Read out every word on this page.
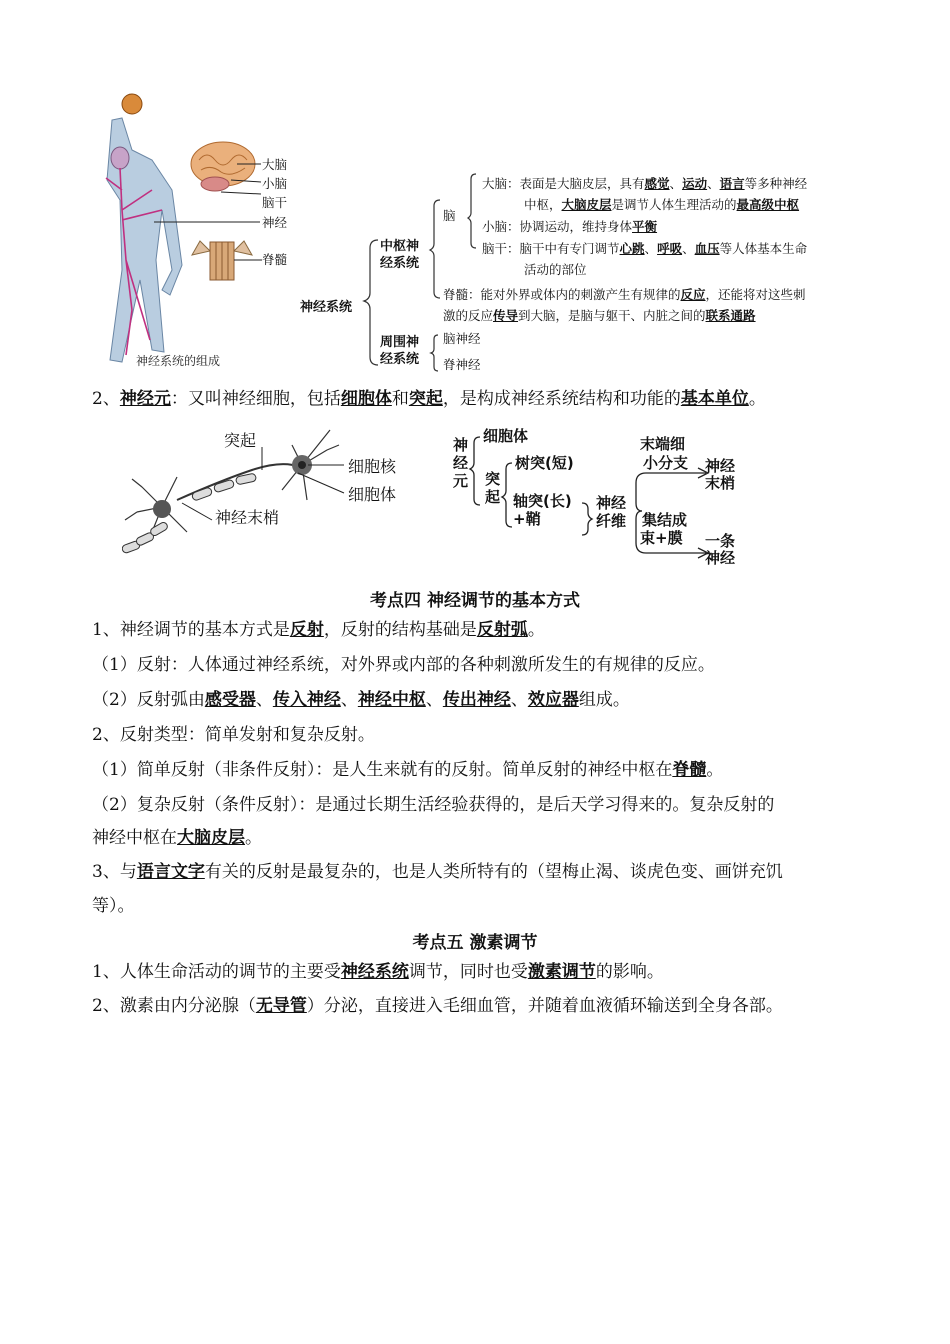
神经系统的组成
大脑
小脑
脑干
神经
脊髓
神经系统
中枢神经系统
周围神经系统
脑
大脑：表面是大脑皮层，具有感觉、运动、语言等多种神经
中枢，大脑皮层是调节人体生理活动的最高级中枢
小脑：协调运动，维持身体平衡
脑干：脑干中有专门调节心跳、呼吸、血压等人体基本生命
活动的部位
脊髓：能对外界或体内的刺激产生有规律的反应，还能将对这些刺
激的反应传导到大脑，是脑与躯干、内脏之间的联系通路
脑神经
脊神经
2、神经元：又叫神经细胞，包括细胞体和突起，是构成神经系统结构和功能的基本单位。
突起
细胞核
细胞体
神经末梢
神经元
细胞体
突起
树突(短)
轴突(长)
+鞘
神经纤维
末端细
小分支 神经末梢
集结成
束+膜 一条
神经
考点四 神经调节的基本方式
1、神经调节的基本方式是反射，反射的结构基础是反射弧。
（1）反射：人体通过神经系统，对外界或内部的各种刺激所发生的有规律的反应。
（2）反射弧由感受器、传入神经、神经中枢、传出神经、效应器组成。
2、反射类型：简单发射和复杂反射。
（1）简单反射（非条件反射）：是人生来就有的反射。简单反射的神经中枢在脊髓。
（2）复杂反射（条件反射）：是通过长期生活经验获得的，是后天学习得来的。复杂反射的
神经中枢在大脑皮层。
3、与语言文字有关的反射是最复杂的，也是人类所特有的（望梅止渴、谈虎色变、画饼充饥
等）。
考点五 激素调节
1、人体生命活动的调节的主要受神经系统调节，同时也受激素调节的影响。
2、激素由内分泌腺（无导管）分泌，直接进入毛细血管，并随着血液循环输送到全身各部。
